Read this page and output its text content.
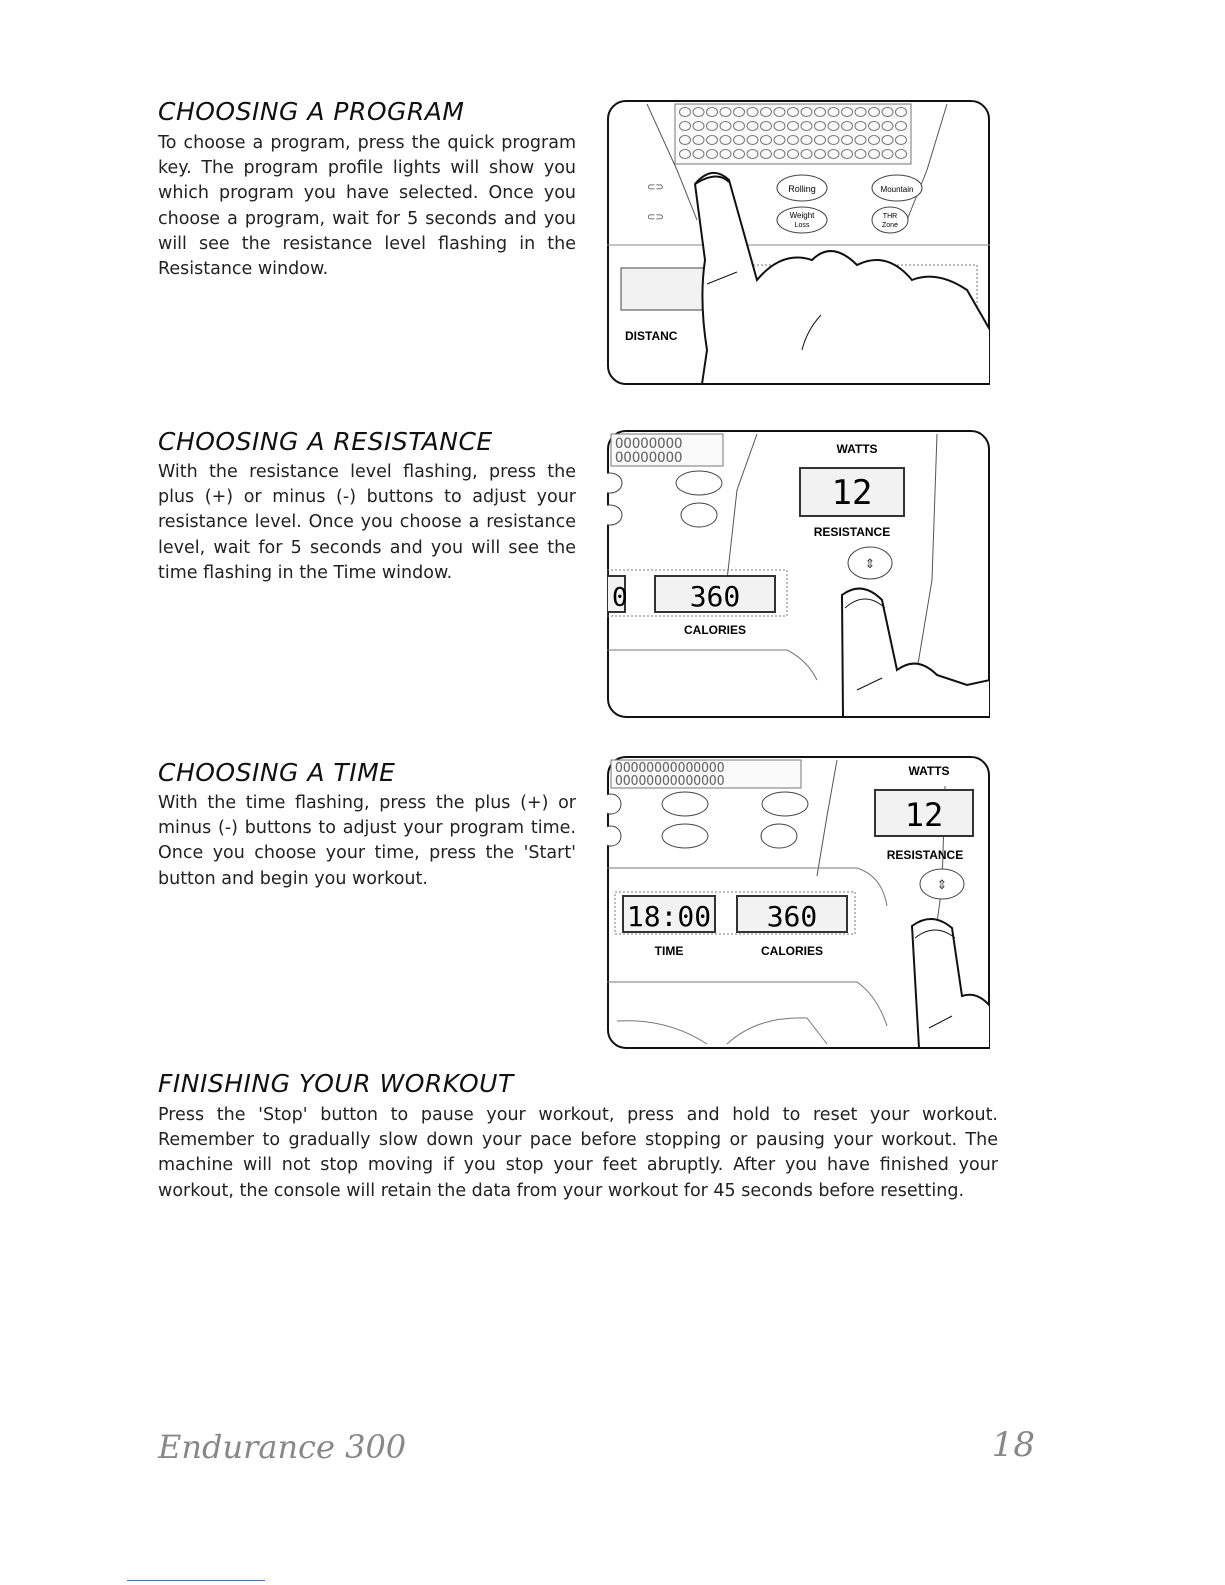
CHOOSING A PROGRAM

To choose a program, press the quick program key. The program profile lights will show you which program you have selected. Once you choose a program, wait for 5 seconds and you will see the resistance level flashing in the Resistance window.

Rolling	Mountain
Weight
Loss
THR
Zone
DISTANC
⊂⊃
⊂⊃
CHOOSING A RESISTANCE

With the resistance level flashing, press the plus (+) or minus (-) buttons to adjust your resistance level. Once you choose a resistance level, wait for 5 seconds and you will see the time flashing in the Time window.

OOOOOOOO
OOOOOOOO
WATTS
12
RESISTANCE
⇕
0 360
CALORIES
CHOOSING A TIME

With the time flashing, press the plus (+) or minus (-) buttons to adjust your program time. Once you choose your time, press the 'Start' button and begin you workout.

OOOOOOOOOOOOOO
OOOOOOOOOOOOOO
WATTS
12
RESISTANCE
⇕
18:00 360
TIME	CALORIES
FINISHING YOUR WORKOUT

Press the 'Stop' button to pause your workout, press and hold to reset your workout. Remember to gradually slow down your pace before stopping or pausing your workout. The machine will not stop moving if you stop your feet abruptly. After you have finished your workout, the console will retain the data from your workout for 45 seconds before resetting.

Endurance 300	18
